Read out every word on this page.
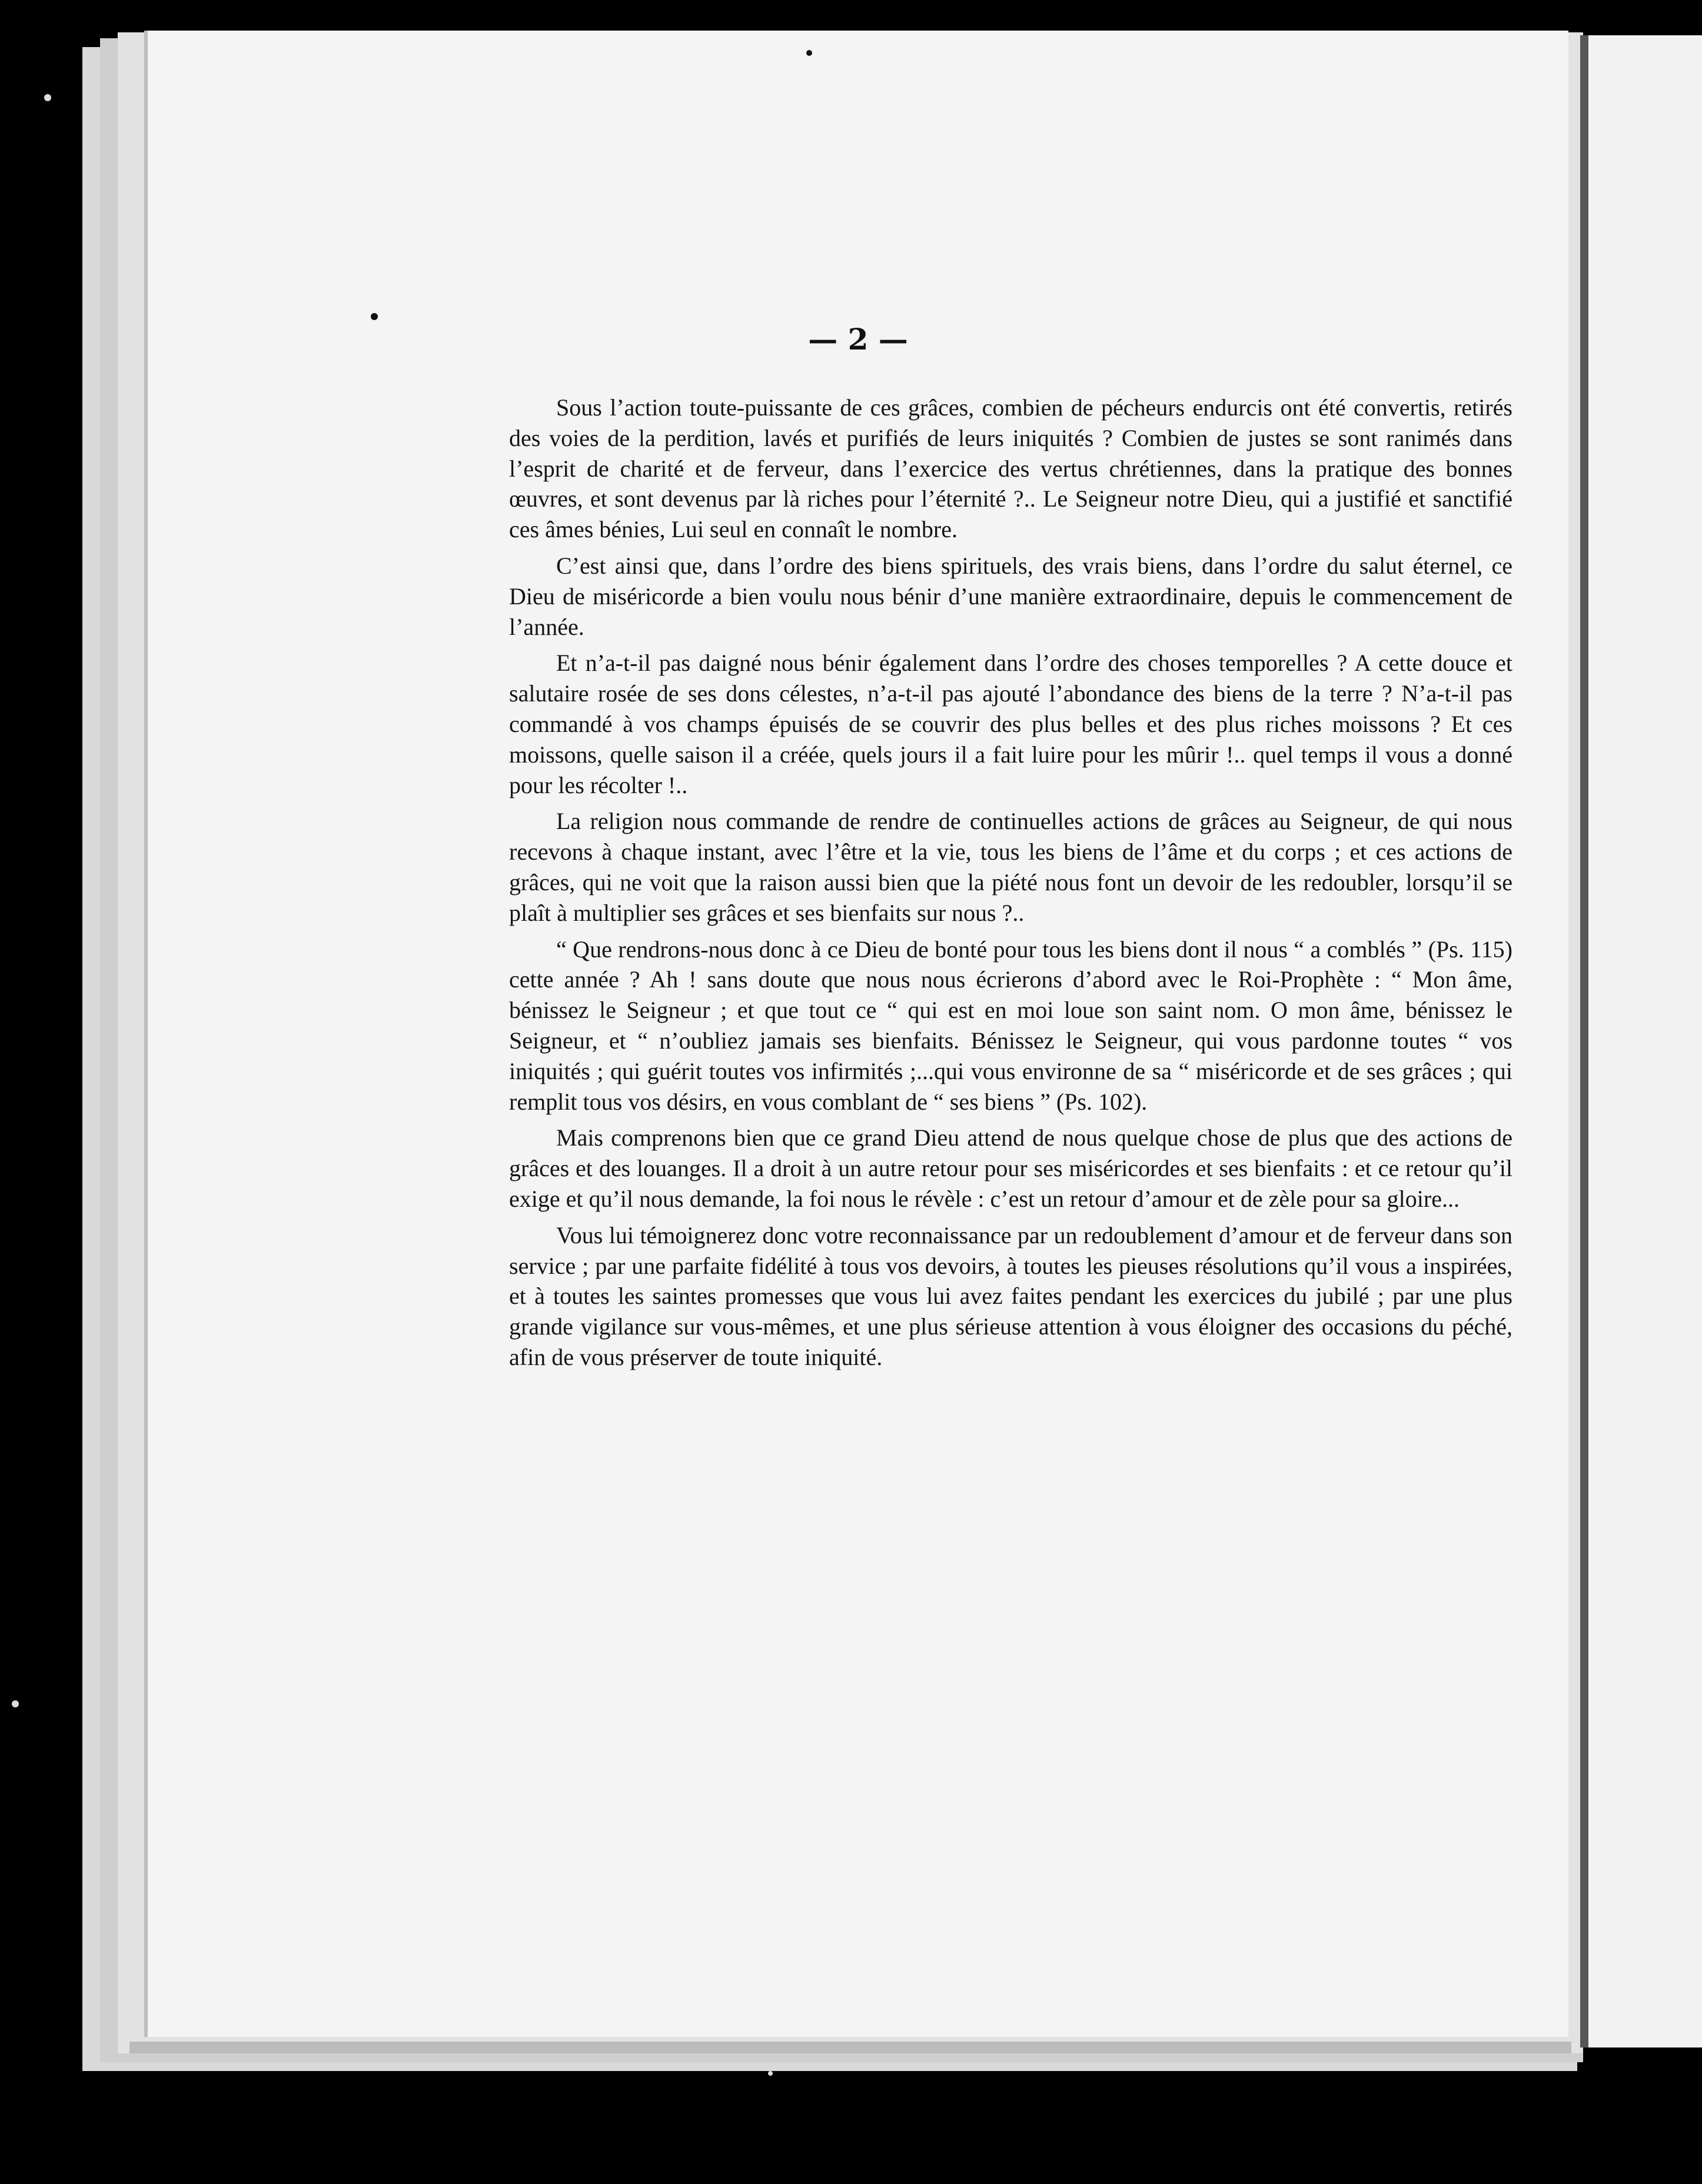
— 2 —

Sous l’action toute-puissante de ces grâces, combien de pécheurs endurcis ont été convertis, retirés des voies de la perdition, lavés et purifiés de leurs iniquités ? Combien de justes se sont ranimés dans l’esprit de charité et de ferveur, dans l’exercice des vertus chrétiennes, dans la pratique des bonnes œuvres, et sont devenus par là riches pour l’éternité ?.. Le Seigneur notre Dieu, qui a justifié et sanctifié ces âmes bénies, Lui seul en connaît le nombre.

C’est ainsi que, dans l’ordre des biens spirituels, des vrais biens, dans l’ordre du salut éternel, ce Dieu de miséricorde a bien voulu nous bénir d’une manière extraordinaire, depuis le commencement de l’année.

Et n’a-t-il pas daigné nous bénir également dans l’ordre des choses temporelles ? A cette douce et salutaire rosée de ses dons célestes, n’a-t-il pas ajouté l’abondance des biens de la terre ? N’a-t-il pas commandé à vos champs épuisés de se couvrir des plus belles et des plus riches moissons ? Et ces moissons, quelle saison il a créée, quels jours il a fait luire pour les mûrir !.. quel temps il vous a donné pour les récolter !..

La religion nous commande de rendre de continuelles actions de grâces au Seigneur, de qui nous recevons à chaque instant, avec l’être et la vie, tous les biens de l’âme et du corps ; et ces actions de grâces, qui ne voit que la raison aussi bien que la piété nous font un devoir de les redoubler, lorsqu’il se plaît à multiplier ses grâces et ses bienfaits sur nous ?..

“ Que rendrons-nous donc à ce Dieu de bonté pour tous les biens dont il nous “ a comblés ” (Ps. 115) cette année ? Ah ! sans doute que nous nous écrierons d’abord avec le Roi-Prophète : “ Mon âme, bénissez le Seigneur ; et que tout ce “ qui est en moi loue son saint nom. O mon âme, bénissez le Seigneur, et “ n’oubliez jamais ses bienfaits. Bénissez le Seigneur, qui vous pardonne toutes “ vos iniquités ; qui guérit toutes vos infirmités ;...qui vous environne de sa “ miséricorde et de ses grâces ; qui remplit tous vos désirs, en vous comblant de “ ses biens ” (Ps. 102).

Mais comprenons bien que ce grand Dieu attend de nous quelque chose de plus que des actions de grâces et des louanges. Il a droit à un autre retour pour ses miséricordes et ses bienfaits : et ce retour qu’il exige et qu’il nous demande, la foi nous le révèle : c’est un retour d’amour et de zèle pour sa gloire...

Vous lui témoignerez donc votre reconnaissance par un redoublement d’amour et de ferveur dans son service ; par une parfaite fidélité à tous vos devoirs, à toutes les pieuses résolutions qu’il vous a inspirées, et à toutes les saintes promesses que vous lui avez faites pendant les exercices du jubilé ; par une plus grande vigilance sur vous-mêmes, et une plus sérieuse attention à vous éloigner des occasions du péché, afin de vous préserver de toute iniquité.
